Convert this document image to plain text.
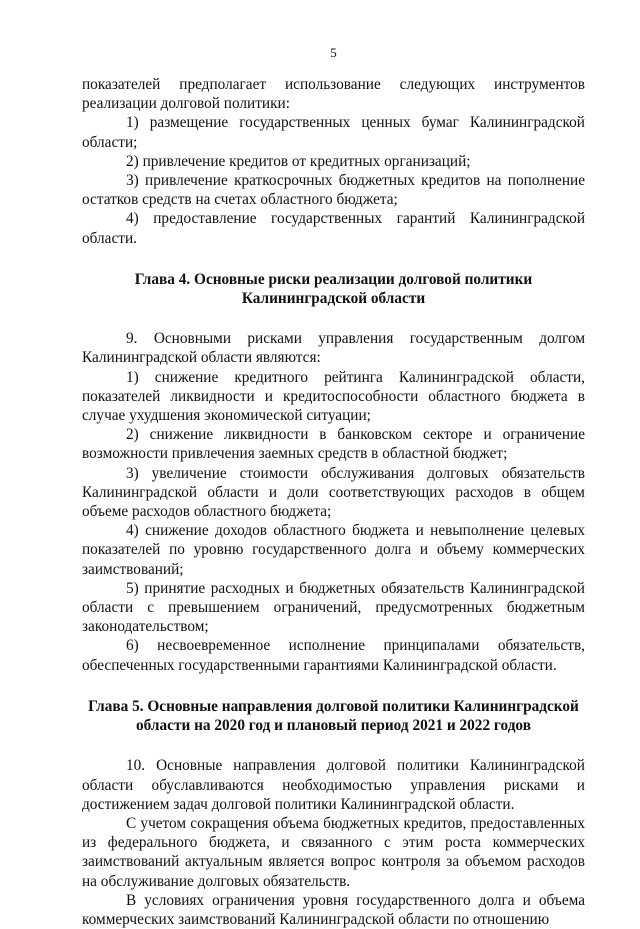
5

показателей предполагает использование следующих инструментов реализации долговой политики:

1) размещение государственных ценных бумаг Калининградской области;

2) привлечение кредитов от кредитных организаций;

3) привлечение краткосрочных бюджетных кредитов на пополнение остатков средств на счетах областного бюджета;

4) предоставление государственных гарантий Калининградской области.

Глава 4. Основные риски реализации долговой политики
Калининградской области

9. Основными рисками управления государственным долгом Калининградской области являются:

1) снижение кредитного рейтинга Калининградской области, показателей ликвидности и кредитоспособности областного бюджета в случае ухудшения экономической ситуации;

2) снижение ликвидности в банковском секторе и ограничение возможности привлечения заемных средств в областной бюджет;

3) увеличение стоимости обслуживания долговых обязательств Калининградской области и доли соответствующих расходов в общем объеме расходов областного бюджета;

4) снижение доходов областного бюджета и невыполнение целевых показателей по уровню государственного долга и объему коммерческих заимствований;

5) принятие расходных и бюджетных обязательств Калининградской области с превышением ограничений, предусмотренных бюджетным законодательством;

6) несвоевременное исполнение принципалами обязательств, обеспеченных государственными гарантиями Калининградской области.

Глава 5. Основные направления долговой политики Калининградской
области на 2020 год и плановый период 2021 и 2022 годов

10. Основные направления долговой политики Калининградской области обуславливаются необходимостью управления рисками и достижением задач долговой политики Калининградской области.

С учетом сокращения объема бюджетных кредитов, предоставленных из федерального бюджета, и связанного с этим роста коммерческих заимствований актуальным является вопрос контроля за объемом расходов на обслуживание долговых обязательств.

В условиях ограничения уровня государственного долга и объема коммерческих заимствований Калининградской области по отношению
